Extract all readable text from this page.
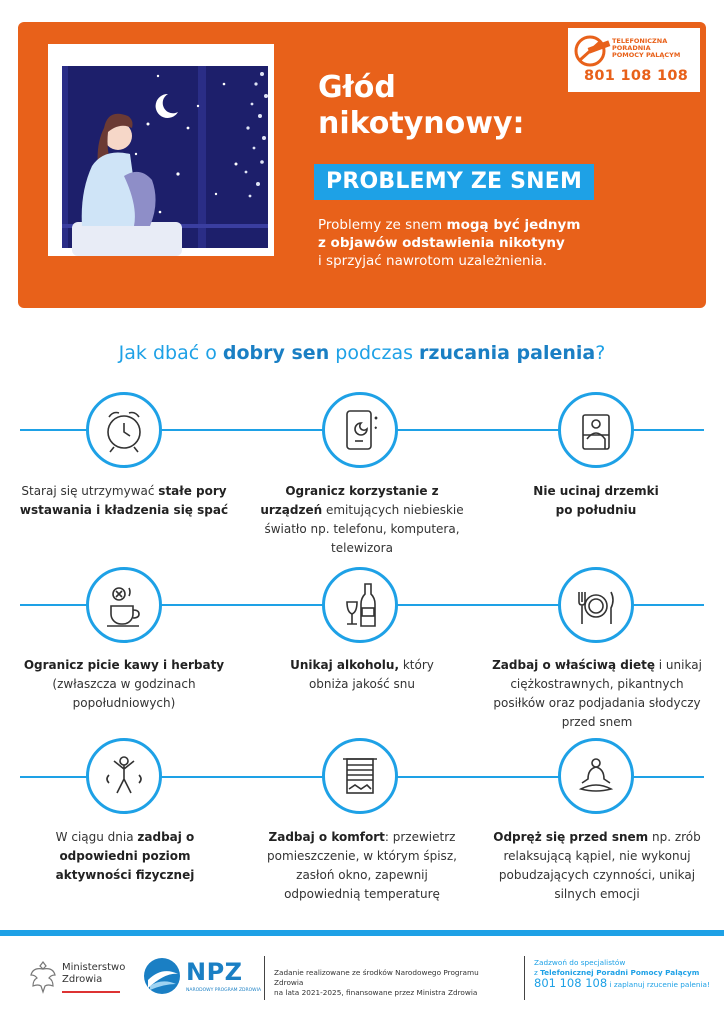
TELEFONICZNA
PORADNIA
POMOCY PALĄCYM
801 108 108
Głód
nikotynowy:
PROBLEMY ZE SNEM
Problemy ze snem mogą być jednym
z objawów odstawienia nikotyny
i sprzyjać nawrotom uzależnienia.
Jak dbać o dobry sen podczas rzucania palenia?
Staraj się utrzymywać stałe pory wstawania i kładzenia się spać
Ogranicz korzystanie z urządzeń emitujących niebieskie światło np. telefonu, komputera, telewizora
Nie ucinaj drzemki po południu
Ogranicz picie kawy i herbaty (zwłaszcza w godzinach popołudniowych)
Unikaj alkoholu, który obniża jakość snu
Zadbaj o właściwą dietę i unikaj ciężkostrawnych, pikantnych posiłków oraz podjadania słodyczy przed snem
W ciągu dnia zadbaj o odpowiedni poziom aktywności fizycznej
Zadbaj o komfort: przewietrz pomieszczenie, w którym śpisz, zasłoń okno, zapewnij odpowiednią temperaturę
Odpręż się przed snem np. zrób relaksującą kąpiel, nie wykonuj pobudzających czynności, unikaj silnych emocji
Ministerstwo
Zdrowia	NPZ
NARODOWY PROGRAM ZDROWIA
Zadanie realizowane ze środków Narodowego Programu Zdrowia
na lata 2021-2025, finansowane przez Ministra Zdrowia
Zadzwoń do specjalistów
z Telefonicznej Poradni Pomocy Palącym
801 108 108 i zaplanuj rzucenie palenia!
